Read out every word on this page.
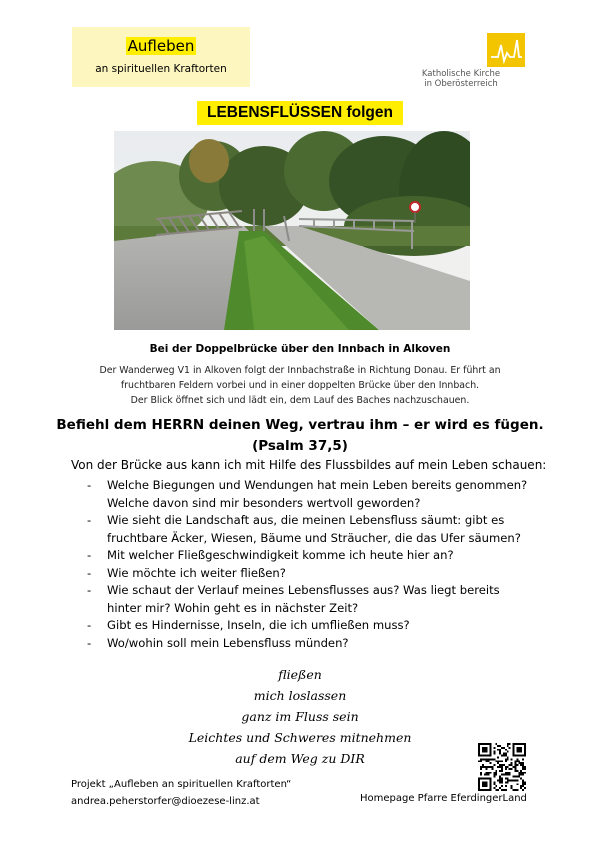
Aufleben
an spirituellen Kraftorten	Katholische Kirche
in Oberösterreich
LEBENSFLÜSSEN folgen
Bei der Doppelbrücke über den Innbach in Alkoven
Der Wanderweg V1 in Alkoven folgt der Innbachstraße in Richtung Donau. Er führt an
fruchtbaren Feldern vorbei und in einer doppelten Brücke über den Innbach.
Der Blick öffnet sich und lädt ein, dem Lauf des Baches nachzuschauen.
Befiehl dem HERRN deinen Weg, vertrau ihm – er wird es fügen.
(Psalm 37,5)
Von der Brücke aus kann ich mit Hilfe des Flussbildes auf mein Leben schauen:
- Welche Biegungen und Wendungen hat mein Leben bereits genommen?
Welche davon sind mir besonders wertvoll geworden?
- Wie sieht die Landschaft aus, die meinen Lebensfluss säumt: gibt es
fruchtbare Äcker, Wiesen, Bäume und Sträucher, die das Ufer säumen?
- Mit welcher Fließgeschwindigkeit komme ich heute hier an?
- Wie möchte ich weiter fließen?
- Wie schaut der Verlauf meines Lebensflusses aus? Was liegt bereits
hinter mir? Wohin geht es in nächster Zeit?
- Gibt es Hindernisse, Inseln, die ich umfließen muss?
- Wo/wohin soll mein Lebensfluss münden?
fließen
mich loslassen
ganz im Fluss sein
Leichtes und Schweres mitnehmen
auf dem Weg zu DIR
Projekt „Aufleben an spirituellen Kraftorten“
andrea.peherstorfer@dioezese-linz.at	Homepage Pfarre EferdingerLand
